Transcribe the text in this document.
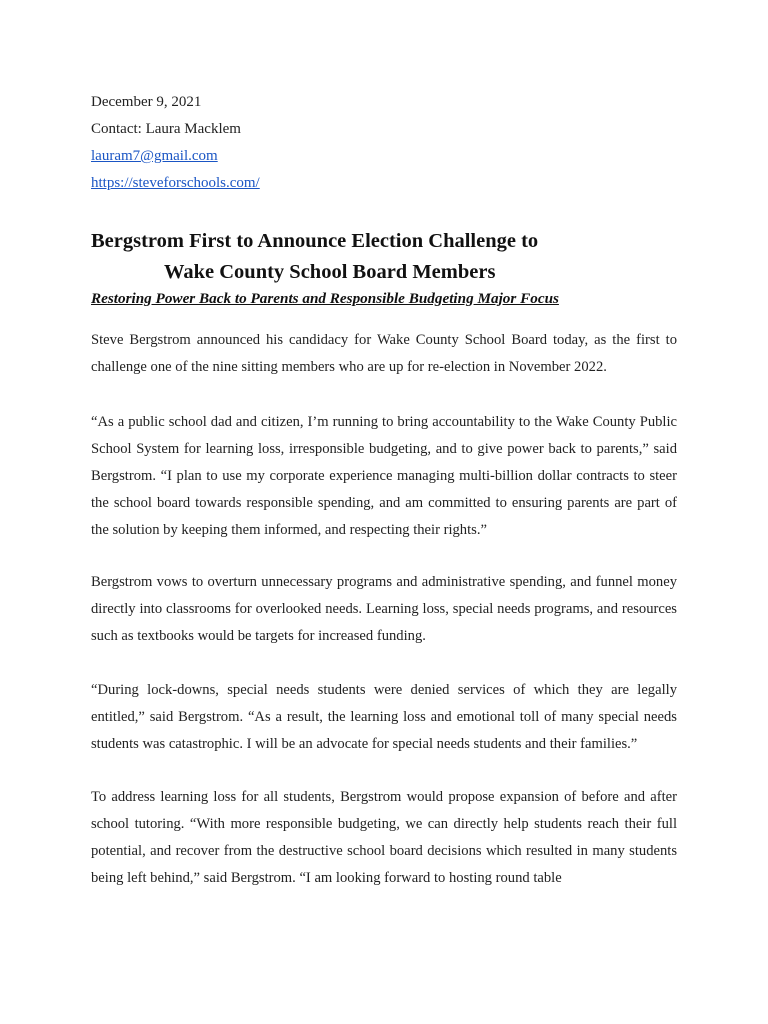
December 9, 2021
Contact: Laura Macklem
lauram7@gmail.com
https://steveforschools.com/
Bergstrom First to Announce Election Challenge to
Wake County School Board Members
Restoring Power Back to Parents and Responsible Budgeting Major Focus

Steve Bergstrom announced his candidacy for Wake County School Board today, as the first to challenge one of the nine sitting members who are up for re-election in November 2022.

“As a public school dad and citizen, I’m running to bring accountability to the Wake County Public School System for learning loss, irresponsible budgeting, and to give power back to parents,” said Bergstrom. “I plan to use my corporate experience managing multi-billion dollar contracts to steer the school board towards responsible spending, and am committed to ensuring parents are part of the solution by keeping them informed, and respecting their rights.”

Bergstrom vows to overturn unnecessary programs and administrative spending, and funnel money directly into classrooms for overlooked needs. Learning loss, special needs programs, and resources such as textbooks would be targets for increased funding.

“During lock-downs, special needs students were denied services of which they are legally entitled,” said Bergstrom. “As a result, the learning loss and emotional toll of many special needs students was catastrophic. I will be an advocate for special needs students and their families.”

To address learning loss for all students, Bergstrom would propose expansion of before and after school tutoring. “With more responsible budgeting, we can directly help students reach their full potential, and recover from the destructive school board decisions which resulted in many students being left behind,” said Bergstrom. “I am looking forward to hosting round table
